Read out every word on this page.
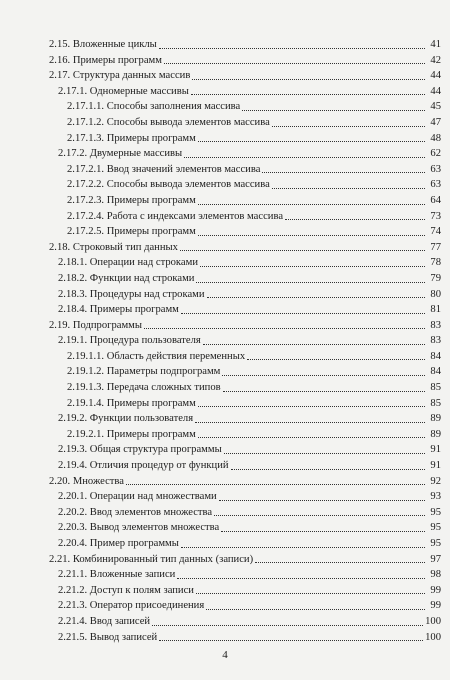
2.15. Вложенные циклы	41
2.16. Примеры программ	42
2.17. Структура данных массив	44
2.17.1. Одномерные массивы	44
2.17.1.1. Способы заполнения массива	45
2.17.1.2. Способы вывода элементов массива	47
2.17.1.3. Примеры программ	48
2.17.2. Двумерные массивы	62
2.17.2.1. Ввод значений элементов массива	63
2.17.2.2. Способы вывода элементов массива	63
2.17.2.3. Примеры программ	64
2.17.2.4. Работа с индексами элементов массива	73
2.17.2.5. Примеры программ	74
2.18. Строковый тип данных	77
2.18.1. Операции над строками	78
2.18.2. Функции над строками	79
2.18.3. Процедуры над строками	80
2.18.4. Примеры программ	81
2.19. Подпрограммы	83
2.19.1. Процедура пользователя	83
2.19.1.1. Область действия переменных	84
2.19.1.2. Параметры подпрограмм	84
2.19.1.3. Передача сложных типов	85
2.19.1.4. Примеры программ	85
2.19.2. Функции пользователя	89
2.19.2.1. Примеры программ	89
2.19.3. Общая структура программы	91
2.19.4. Отличия процедур от функций	91
2.20. Множества	92
2.20.1. Операции над множествами	93
2.20.2. Ввод элементов множества	95
2.20.3. Вывод элементов множества	95
2.20.4. Пример программы	95
2.21. Комбинированный тип данных (записи)	97
2.21.1. Вложенные записи	98
2.21.2. Доступ к полям записи	99
2.21.3. Оператор присоединения	99
2.21.4. Ввод записей	100
2.21.5. Вывод записей	100
4
